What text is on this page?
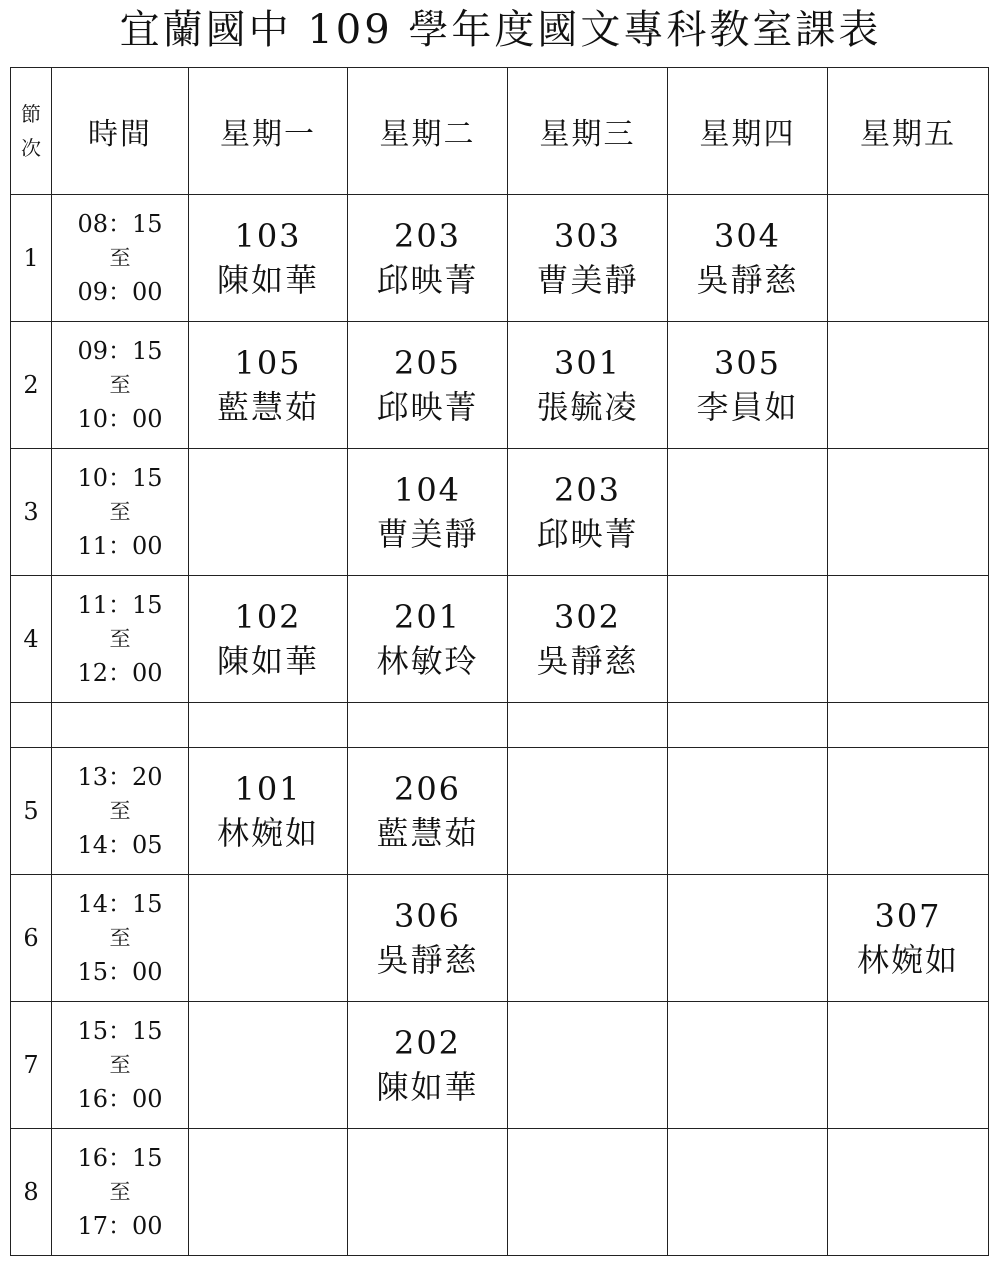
宜蘭國中 109 學年度國文專科教室課表
節
次	時間	星期一	星期二	星期三	星期四	星期五
1	08：15
至
09：00	103
陳如華	203
邱映菁	303
曹美靜	304
吳靜慈	

2	09：15
至
10：00	105
藍慧茹	205
邱映菁	301
張毓凌	305
李員如	

3	10：15
至
11：00		104
曹美靜	203
邱映菁		

4	11：15
至
12：00	102
陳如華	201
林敏玲	302
吳靜慈		

5	13：20
至
14：05	101
林婉如	206
藍慧茹			

6	14：15
至
15：00		306
吳靜慈			307
林婉如

7	15：15
至
16：00		202
陳如華			

8	16：15
至
17：00					
